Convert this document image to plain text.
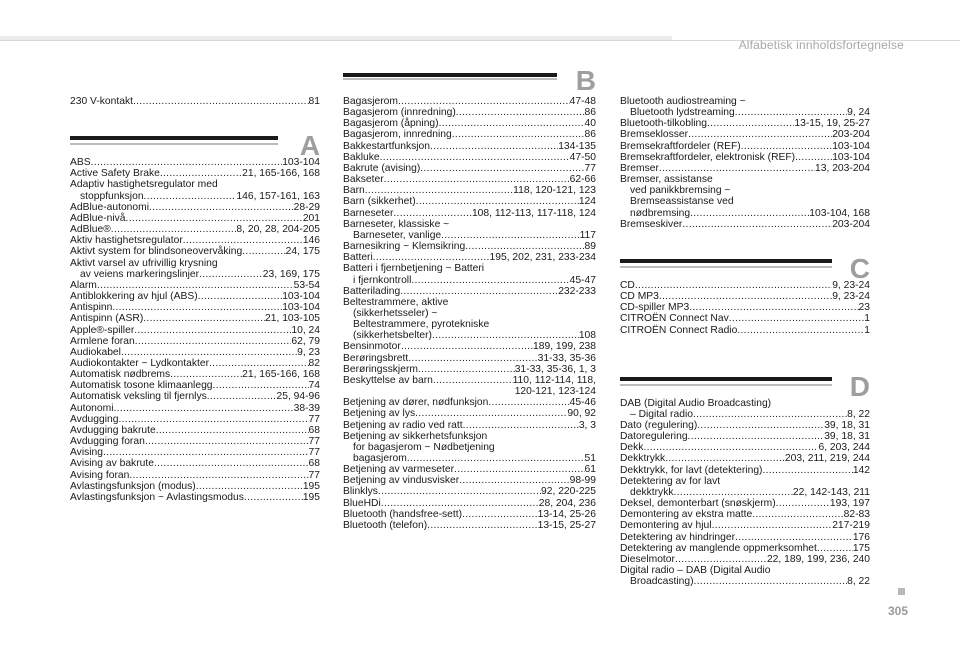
Alfabetisk innholdsfortegnelse
230 V-kontakt .....	81
A
ABS .....	103-104
Active Safety Brake .....	21, 165-166, 168
Adaptiv hastighetsregulator med
stoppfunksjon .....	146, 157-161, 163
AdBlue-autonomi .....	28-29
AdBlue-nivå .....	201
AdBlue® .....	8, 20, 28, 204-205
Aktiv hastighetsregulator .....	146
Aktivt system for blindsoneovervåking .....	24, 175
Aktivt varsel av ufrivillig krysning
av veiens markeringslinjer .....	23, 169, 175
Alarm .....	53-54
Antiblokkering av hjul (ABS) .....	103-104
Antispinn .....	103-104
Antispinn (ASR) .....	21, 103-105
Apple®-spiller .....	10, 24
Armlene foran .....	62, 79
Audiokabel .....	9, 23
Audiokontakter ~ Lydkontakter .....	82
Automatisk nødbrems .....	21, 165-166, 168
Automatisk tosone klimaanlegg .....	74
Automatisk veksling til fjernlys .....	25, 94-96
Autonomi .....	38-39
Avdugging .....	77
Avdugging bakrute .....	68
Avdugging foran .....	77
Avising .....	77
Avising av bakrute .....	68
Avising foran .....	77
Avlastingsfunksjon (modus) .....	195
Avlastingsfunksjon ~ Avlastingsmodus .....	195
B
Bagasjerom .....	47-48
Bagasjerom (innredning) .....	86
Bagasjerom (åpning) .....	40
Bagasjerom, innredning .....	86
Bakkestartfunksjon .....	134-135
Bakluke .....	47-50
Bakrute (avising) .....	77
Bakseter .....	62-66
Barn .....	118, 120-121, 123
Barn (sikkerhet) .....	124
Barneseter .....	108, 112-113, 117-118, 124
Barneseter, klassiske ~
Barneseter, vanlige .....	117
Barnesikring ~ Klemsikring .....	89
Batteri .....	195, 202, 231, 233-234
Batteri i fjernbetjening ~ Batteri
i fjernkontroll .....	45-47
Batterilading .....	232-233
Beltestrammere, aktive
(sikkerhetsseler) ~
Beltestrammere, pyrotekniske
(sikkerhetsbelter) .....	108
Bensinmotor .....	189, 199, 238
Berøringsbrett .....	31-33, 35-36
Berøringsskjerm .....	31-33, 35-36, 1, 3
Beskyttelse av barn .....	110, 112-114, 118,
120-121, 123-124
Betjening av dører, nødfunksjon .....	45-46
Betjening av lys .....	90, 92
Betjening av radio ved ratt .....	3, 3
Betjening av sikkerhetsfunksjon
for bagasjerom ~ Nødbetjening
bagasjerom .....	51
Betjening av varmeseter .....	61
Betjening av vindusvisker .....	98-99
Blinklys .....	92, 220-225
BlueHDi .....	28, 204, 236
Bluetooth (handsfree-sett) .....	13-14, 25-26
Bluetooth (telefon) .....	13-15, 25-27
Bluetooth audiostreaming ~
Bluetooth lydstreaming .....	9, 24
Bluetooth-tilkobling .....	13-15, 19, 25-27
Bremseklosser .....	203-204
Bremsekraftfordeler (REF) .....	103-104
Bremsekraftfordeler, elektronisk (REF) .....	103-104
Bremser .....	13, 203-204
Bremser, assistanse
ved panikkbremsing ~
Bremseassistanse ved
nødbremsing .....	103-104, 168
Bremseskiver .....	203-204
C
CD .....	9, 23-24
CD MP3 .....	9, 23-24
CD-spiller MP3 .....	23
CITROËN Connect Nav .....	1
CITROËN Connect Radio .....	1
D
DAB (Digital Audio Broadcasting)
– Digital radio .....	8, 22
Dato (regulering) .....	39, 18, 31
Datoregulering .....	39, 18, 31
Dekk .....	6, 203, 244
Dekktrykk .....	203, 211, 219, 244
Dekktrykk, for lavt (detektering) .....	142
Detektering av for lavt
dekktrykk .....	22, 142-143, 211
Deksel, demonterbart (snøskjerm) .....	193, 197
Demontering av ekstra matte .....	82-83
Demontering av hjul .....	217-219
Detektering av hindringer .....	176
Detektering av manglende oppmerksomhet .....	175
Dieselmotor .....	22, 189, 199, 236, 240
Digital radio – DAB (Digital Audio
Broadcasting) .....	8, 22
305
